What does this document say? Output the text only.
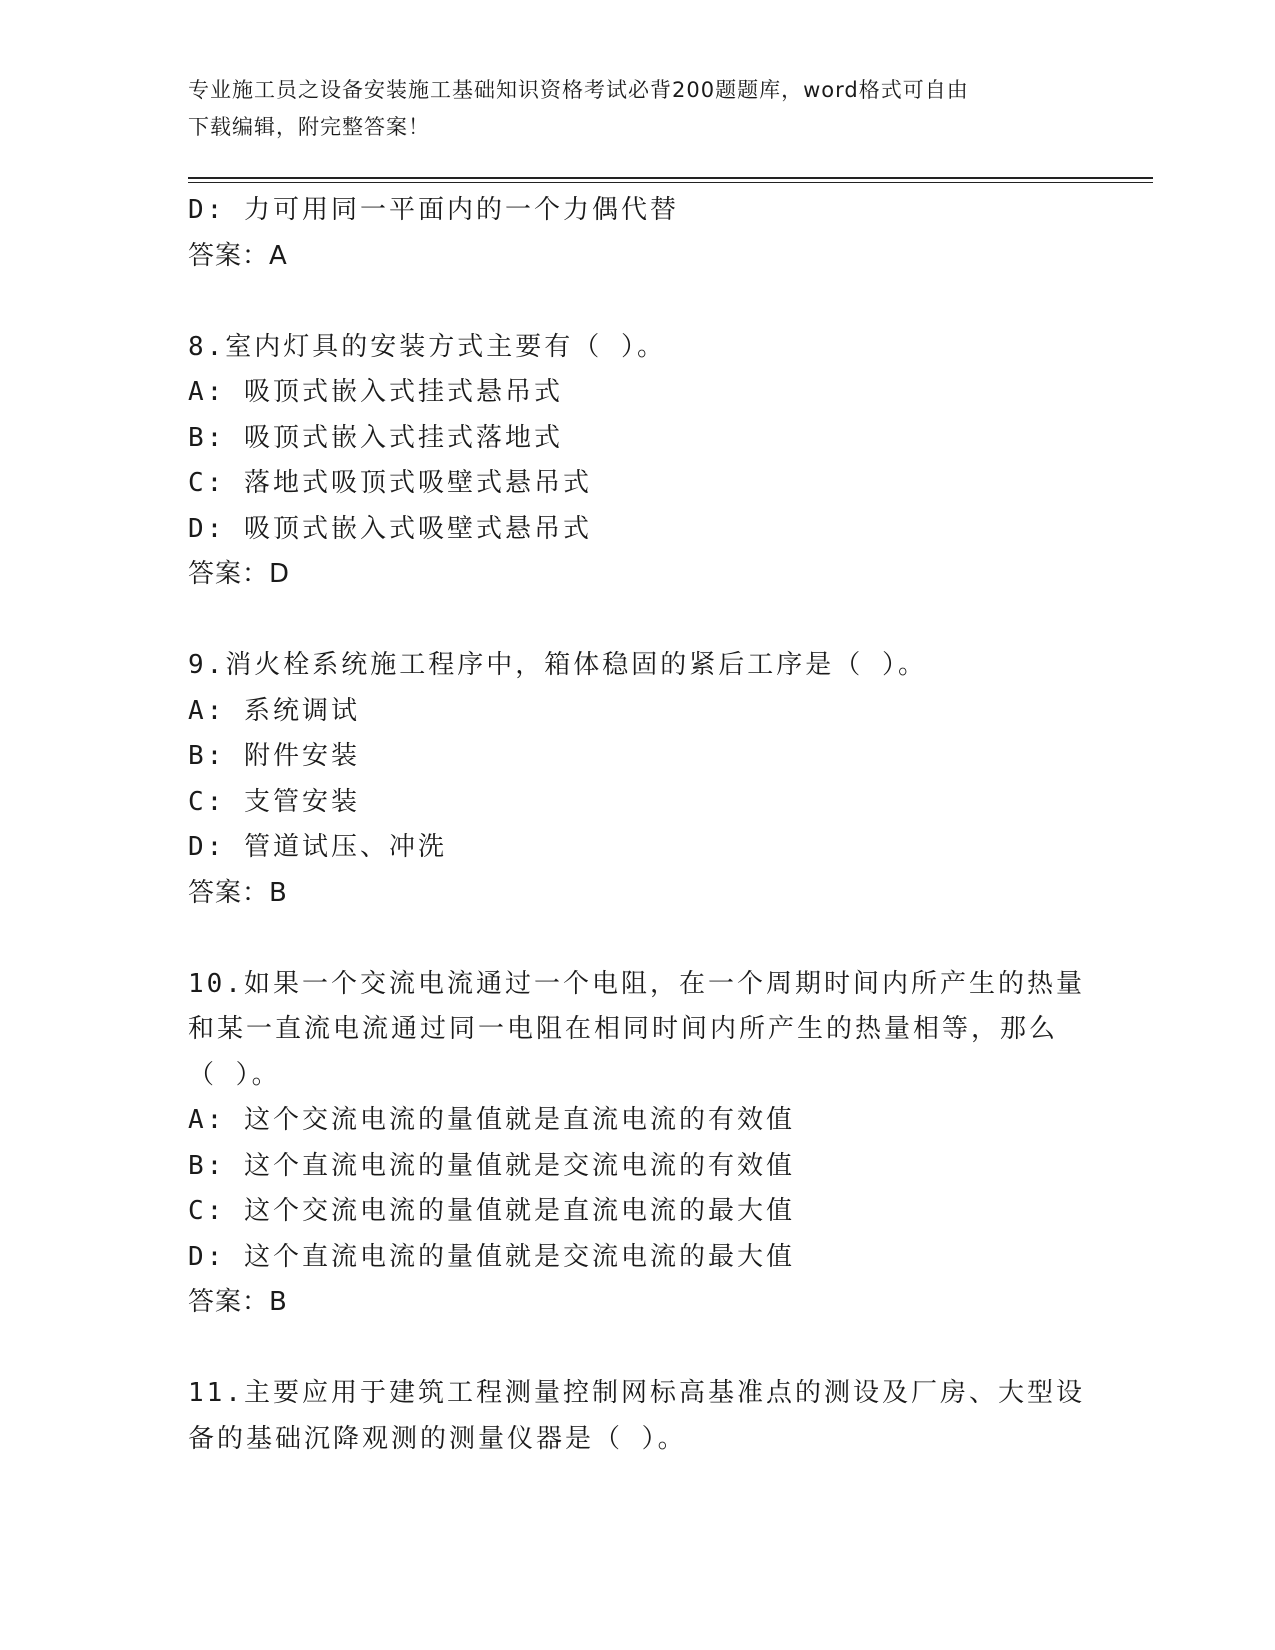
专业施工员之设备安装施工基础知识资格考试必背200题题库，word格式可自由
下载编辑，附完整答案！
D: 力可用同一平面内的一个力偶代替
答案：A
8.室内灯具的安装方式主要有（ ）。
A: 吸顶式嵌入式挂式悬吊式
B: 吸顶式嵌入式挂式落地式
C: 落地式吸顶式吸壁式悬吊式
D: 吸顶式嵌入式吸壁式悬吊式
答案：D
9.消火栓系统施工程序中，箱体稳固的紧后工序是（ ）。
A: 系统调试
B: 附件安装
C: 支管安装
D: 管道试压、冲洗
答案：B
10.如果一个交流电流通过一个电阻，在一个周期时间内所产生的热量
和某一直流电流通过同一电阻在相同时间内所产生的热量相等，那么
（ ）。
A: 这个交流电流的量值就是直流电流的有效值
B: 这个直流电流的量值就是交流电流的有效值
C: 这个交流电流的量值就是直流电流的最大值
D: 这个直流电流的量值就是交流电流的最大值
答案：B
11.主要应用于建筑工程测量控制网标高基准点的测设及厂房、大型设
备的基础沉降观测的测量仪器是（ ）。
